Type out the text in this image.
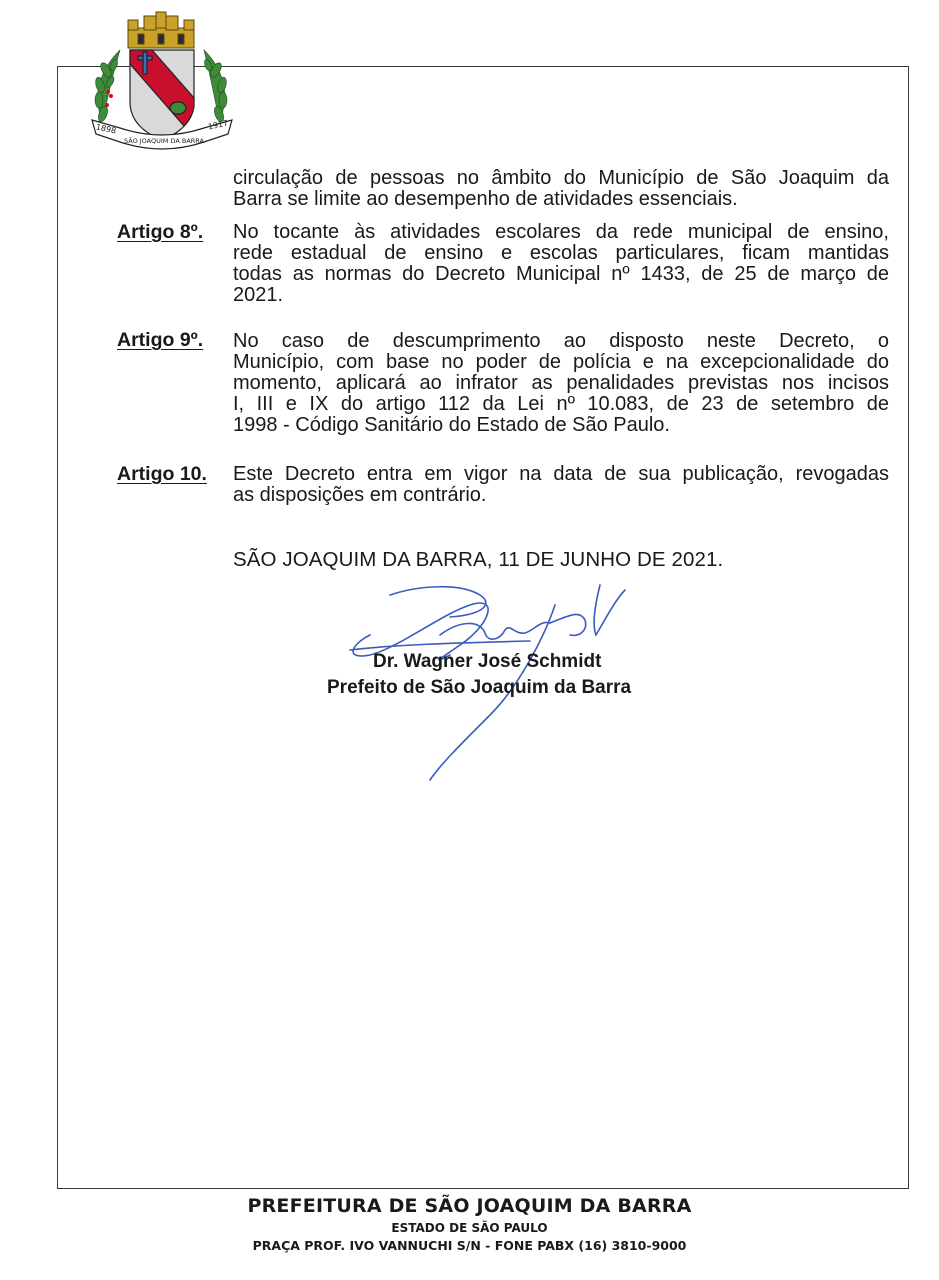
1898	1917
SÃO JOAQUIM DA BARRA
circulação de pessoas no âmbito do Município de São Joaquim da
Barra se limite ao desempenho de atividades essenciais.
Artigo 8º. No tocante às atividades escolares da rede municipal de ensino,
rede estadual de ensino e escolas particulares, ficam mantidas
todas as normas do Decreto Municipal nº 1433, de 25 de março de
2021.
Artigo 9º. No caso de descumprimento ao disposto neste Decreto, o
Município, com base no poder de polícia e na excepcionalidade do
momento, aplicará ao infrator as penalidades previstas nos incisos
I, III e IX do artigo 112 da Lei nº 10.083, de 23 de setembro de
1998 - Código Sanitário do Estado de São Paulo.
Artigo 10. Este Decreto entra em vigor na data de sua publicação, revogadas
as disposições em contrário.
SÃO JOAQUIM DA BARRA, 11 DE JUNHO DE 2021.
Dr. Wagner José Schmidt
Prefeito de São Joaquim da Barra
PREFEITURA DE SÃO JOAQUIM DA BARRA
ESTADO DE SÃO PAULO
PRAÇA PROF. IVO VANNUCHI S/N - FONE PABX (16) 3810-9000
